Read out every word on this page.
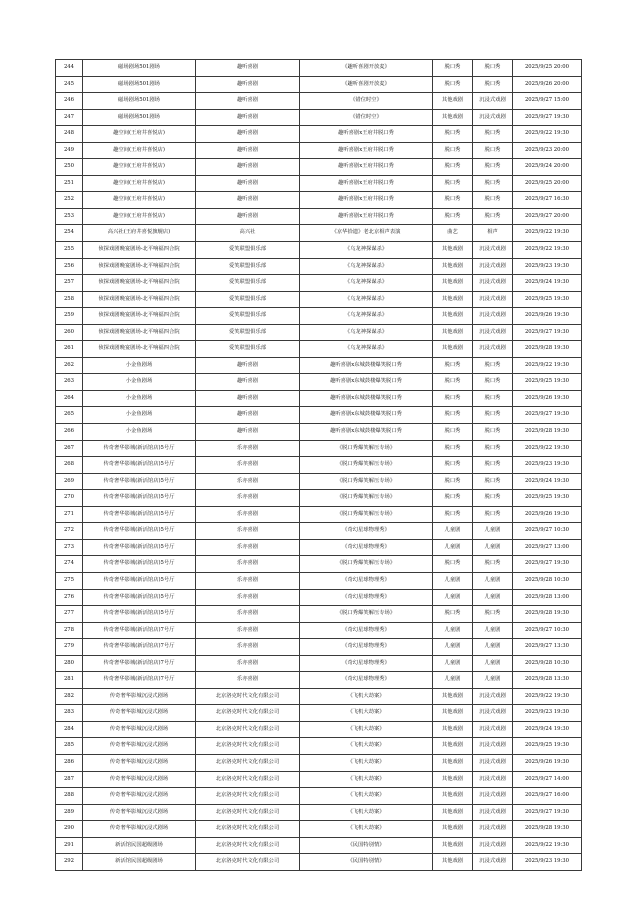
244	磁场剧场501剧场	趣听喜剧	《趣听喜剧开放麦》	脱口秀	脱口秀	2025/9/25 20:00
245	磁场剧场501剧场	趣听喜剧	《趣听喜剧开放麦》	脱口秀	脱口秀	2025/9/26 20:00
246	磁场剧场501剧场	趣听喜剧	《错位时空》	其他戏剧	沉浸式戏剧	2025/9/27 15:00
247	磁场剧场501剧场	趣听喜剧	《错位时空》	其他戏剧	沉浸式戏剧	2025/9/27 19:30
248	趣空间(王府井喜悦店)	趣听喜剧	趣听喜剧x王府井脱口秀	脱口秀	脱口秀	2025/9/22 19:30
249	趣空间(王府井喜悦店)	趣听喜剧	趣听喜剧x王府井脱口秀	脱口秀	脱口秀	2025/9/23 20:00
250	趣空间(王府井喜悦店)	趣听喜剧	趣听喜剧x王府井脱口秀	脱口秀	脱口秀	2025/9/24 20:00
251	趣空间(王府井喜悦店)	趣听喜剧	趣听喜剧x王府井脱口秀	脱口秀	脱口秀	2025/9/25 20:00
252	趣空间(王府井喜悦店)	趣听喜剧	趣听喜剧x王府井脱口秀	脱口秀	脱口秀	2025/9/27 16:30
253	趣空间(王府井喜悦店)	趣听喜剧	趣听喜剧x王府井脱口秀	脱口秀	脱口秀	2025/9/27 20:00
254	高兴社(王府井喜悦旗舰店)	高兴社	《京华拾遗》老北京相声表演	曲艺	相声	2025/9/22 19:30
255	侦探戏剧晚宴剧场-北平响福四合院	爱笑联盟俱乐部	《乌龙神探谋杀》	其他戏剧	沉浸式戏剧	2025/9/22 19:30
256	侦探戏剧晚宴剧场-北平响福四合院	爱笑联盟俱乐部	《乌龙神探谋杀》	其他戏剧	沉浸式戏剧	2025/9/23 19:30
257	侦探戏剧晚宴剧场-北平响福四合院	爱笑联盟俱乐部	《乌龙神探谋杀》	其他戏剧	沉浸式戏剧	2025/9/24 19:30
258	侦探戏剧晚宴剧场-北平响福四合院	爱笑联盟俱乐部	《乌龙神探谋杀》	其他戏剧	沉浸式戏剧	2025/9/25 19:30
259	侦探戏剧晚宴剧场-北平响福四合院	爱笑联盟俱乐部	《乌龙神探谋杀》	其他戏剧	沉浸式戏剧	2025/9/26 19:30
260	侦探戏剧晚宴剧场-北平响福四合院	爱笑联盟俱乐部	《乌龙神探谋杀》	其他戏剧	沉浸式戏剧	2025/9/27 19:30
261	侦探戏剧晚宴剧场-北平响福四合院	爱笑联盟俱乐部	《乌龙神探谋杀》	其他戏剧	沉浸式戏剧	2025/9/28 19:30
262	小金鱼剧场	趣听喜剧	趣听喜剧x东城鼓楼爆笑脱口秀	脱口秀	脱口秀	2025/9/22 19:30
263	小金鱼剧场	趣听喜剧	趣听喜剧x东城鼓楼爆笑脱口秀	脱口秀	脱口秀	2025/9/25 19:30
264	小金鱼剧场	趣听喜剧	趣听喜剧x东城鼓楼爆笑脱口秀	脱口秀	脱口秀	2025/9/26 19:30
265	小金鱼剧场	趣听喜剧	趣听喜剧x东城鼓楼爆笑脱口秀	脱口秀	脱口秀	2025/9/27 19:30
266	小金鱼剧场	趣听喜剧	趣听喜剧x东城鼓楼爆笑脱口秀	脱口秀	脱口秀	2025/9/28 19:30
267	传奇奢华影城(新活馆店)5号厅	乐亦喜剧	《脱口秀爆笑解压专场》	脱口秀	脱口秀	2025/9/22 19:30
268	传奇奢华影城(新活馆店)5号厅	乐亦喜剧	《脱口秀爆笑解压专场》	脱口秀	脱口秀	2025/9/23 19:30
269	传奇奢华影城(新活馆店)5号厅	乐亦喜剧	《脱口秀爆笑解压专场》	脱口秀	脱口秀	2025/9/24 19:30
270	传奇奢华影城(新活馆店)5号厅	乐亦喜剧	《脱口秀爆笑解压专场》	脱口秀	脱口秀	2025/9/25 19:30
271	传奇奢华影城(新活馆店)5号厅	乐亦喜剧	《脱口秀爆笑解压专场》	脱口秀	脱口秀	2025/9/26 19:30
272	传奇奢华影城(新活馆店)5号厅	乐亦喜剧	《奇幻星球物理秀》	儿童剧	儿童剧	2025/9/27 10:30
273	传奇奢华影城(新活馆店)5号厅	乐亦喜剧	《奇幻星球物理秀》	儿童剧	儿童剧	2025/9/27 13:00
274	传奇奢华影城(新活馆店)5号厅	乐亦喜剧	《脱口秀爆笑解压专场》	脱口秀	脱口秀	2025/9/27 19:30
275	传奇奢华影城(新活馆店)5号厅	乐亦喜剧	《奇幻星球物理秀》	儿童剧	儿童剧	2025/9/28 10:30
276	传奇奢华影城(新活馆店)5号厅	乐亦喜剧	《奇幻星球物理秀》	儿童剧	儿童剧	2025/9/28 13:00
277	传奇奢华影城(新活馆店)5号厅	乐亦喜剧	《脱口秀爆笑解压专场》	脱口秀	脱口秀	2025/9/28 19:30
278	传奇奢华影城(新活馆店)7号厅	乐亦喜剧	《奇幻星球物理秀》	儿童剧	儿童剧	2025/9/27 10:30
279	传奇奢华影城(新活馆店)7号厅	乐亦喜剧	《奇幻星球物理秀》	儿童剧	儿童剧	2025/9/27 13:30
280	传奇奢华影城(新活馆店)7号厅	乐亦喜剧	《奇幻星球物理秀》	儿童剧	儿童剧	2025/9/28 10:30
281	传奇奢华影城(新活馆店)7号厅	乐亦喜剧	《奇幻星球物理秀》	儿童剧	儿童剧	2025/9/28 13:30
282	传奇奢华影城沉浸式剧场	北京洛克时代文化有限公司	《飞机大劫案》	其他戏剧	沉浸式戏剧	2025/9/22 19:30
283	传奇奢华影城沉浸式剧场	北京洛克时代文化有限公司	《飞机大劫案》	其他戏剧	沉浸式戏剧	2025/9/23 19:30
284	传奇奢华影城沉浸式剧场	北京洛克时代文化有限公司	《飞机大劫案》	其他戏剧	沉浸式戏剧	2025/9/24 19:30
285	传奇奢华影城沉浸式剧场	北京洛克时代文化有限公司	《飞机大劫案》	其他戏剧	沉浸式戏剧	2025/9/25 19:30
286	传奇奢华影城沉浸式剧场	北京洛克时代文化有限公司	《飞机大劫案》	其他戏剧	沉浸式戏剧	2025/9/26 19:30
287	传奇奢华影城沉浸式剧场	北京洛克时代文化有限公司	《飞机大劫案》	其他戏剧	沉浸式戏剧	2025/9/27 14:00
288	传奇奢华影城沉浸式剧场	北京洛克时代文化有限公司	《飞机大劫案》	其他戏剧	沉浸式戏剧	2025/9/27 16:00
289	传奇奢华影城沉浸式剧场	北京洛克时代文化有限公司	《飞机大劫案》	其他戏剧	沉浸式戏剧	2025/9/27 19:30
290	传奇奢华影城沉浸式剧场	北京洛克时代文化有限公司	《飞机大劫案》	其他戏剧	沉浸式戏剧	2025/9/28 19:30
291	新活馆民国超级剧场	北京洛克时代文化有限公司	《民国特别情》	其他戏剧	沉浸式戏剧	2025/9/22 19:30
292	新活馆民国超级剧场	北京洛克时代文化有限公司	《民国特别情》	其他戏剧	沉浸式戏剧	2025/9/23 19:30
